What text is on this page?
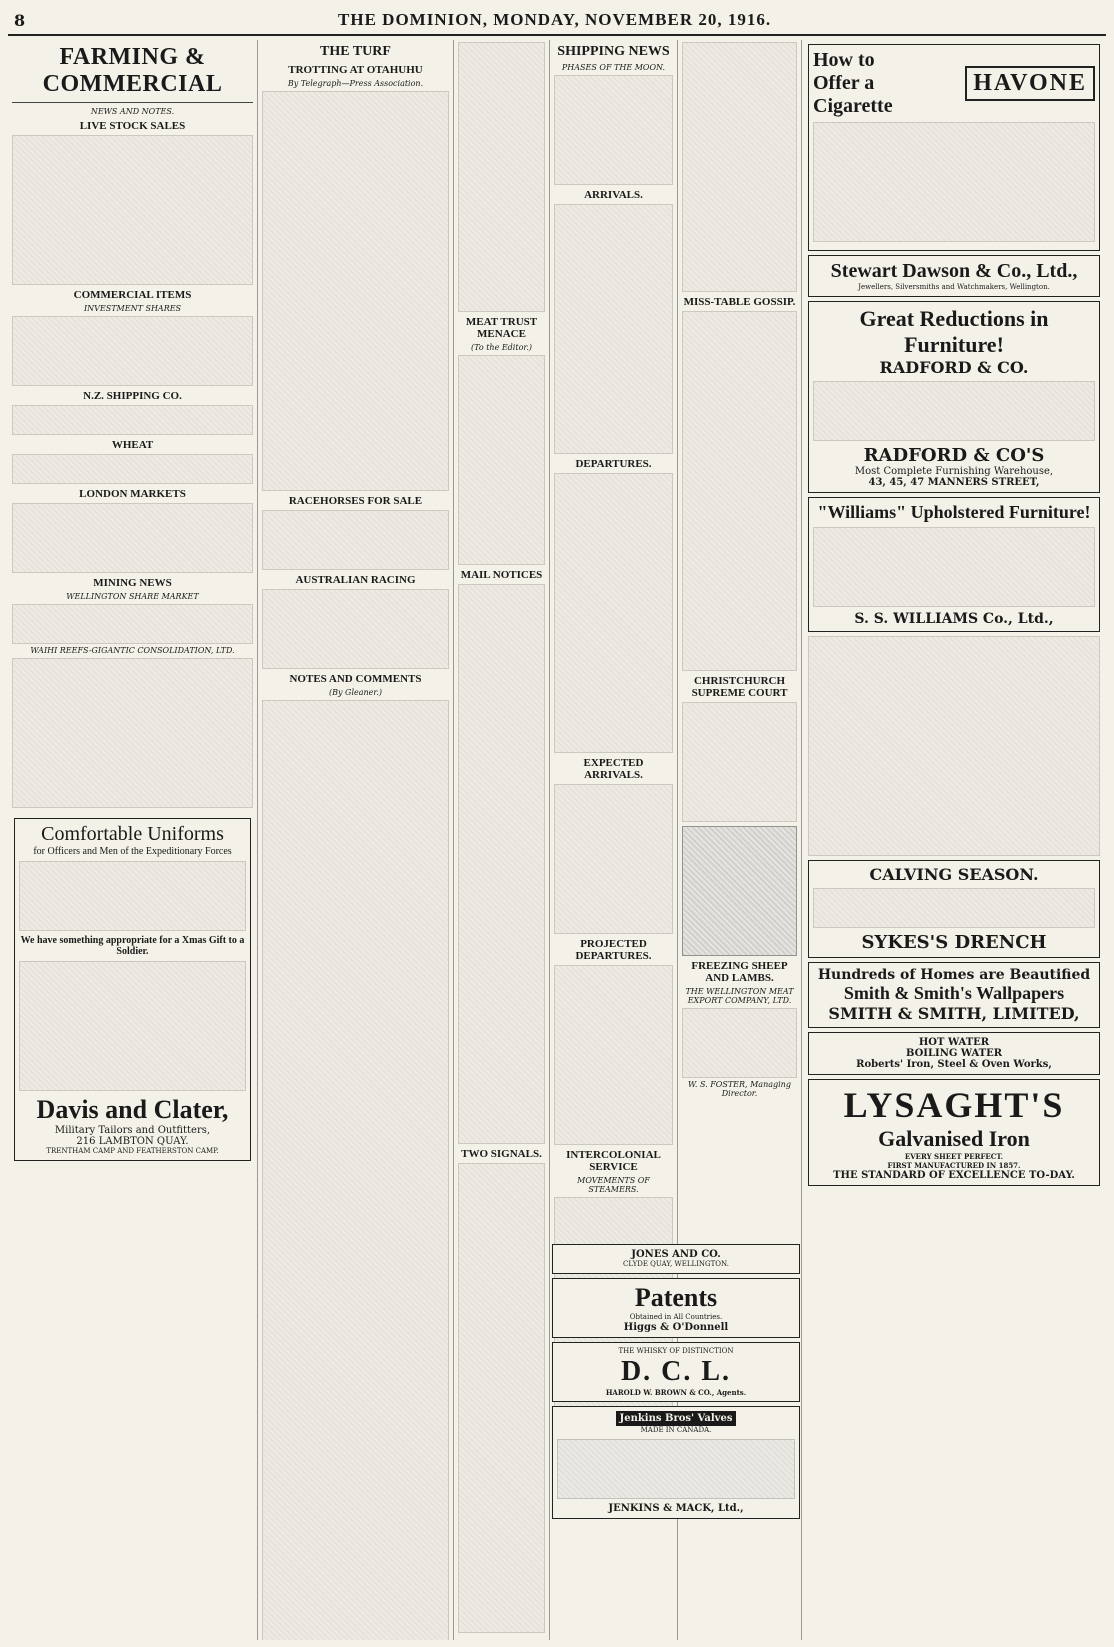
8	THE DOMINION, MONDAY, NOVEMBER 20, 1916.
FARMING & COMMERCIAL
NEWS AND NOTES.
LIVE STOCK SALES
COMMERCIAL ITEMS
INVESTMENT SHARES
N.Z. SHIPPING CO.
WHEAT
LONDON MARKETS
MINING NEWS
WELLINGTON SHARE MARKET
WAIHI REEFS-GIGANTIC CONSOLIDATION, LTD.
Comfortable Uniforms
for Officers and Men of the Expeditionary Forces
We have something appropriate for a Xmas Gift to a Soldier.
Davis and Clater,
Military Tailors and Outfitters,
216 LAMBTON QUAY.
TRENTHAM CAMP AND FEATHERSTON CAMP.
THE TURF
TROTTING AT OTAHUHU
By Telegraph—Press Association.
RACEHORSES FOR SALE
AUSTRALIAN RACING
NOTES AND COMMENTS
(By Gleaner.)
MEAT TRUST MENACE
(To the Editor.)
MAIL NOTICES
TWO SIGNALS.
SHIPPING NEWS
PHASES OF THE MOON.
ARRIVALS.
DEPARTURES.
EXPECTED ARRIVALS.
PROJECTED DEPARTURES.
INTERCOLONIAL SERVICE
MOVEMENTS OF STEAMERS.
MISS-TABLE GOSSIP.
CHRISTCHURCH SUPREME COURT
FREEZING SHEEP AND LAMBS.
THE WELLINGTON MEAT EXPORT COMPANY, LTD.
W. S. FOSTER, Managing Director.
JONES AND CO.
CLYDE QUAY, WELLINGTON.
Patents
Obtained in All Countries.
Higgs & O'Donnell
THE WHISKY OF DISTINCTION
D. C. L.
HAROLD W. BROWN & CO., Agents.
Jenkins Bros' Valves
MADE IN CANADA.
JENKINS & MACK, Ltd.,
How to
Offer a
Cigarette
HAVONE
Stewart Dawson & Co., Ltd.,
Jewellers, Silversmiths and Watchmakers, Wellington.
Great Reductions in Furniture!
RADFORD & CO.
RADFORD & CO'S
Most Complete Furnishing Warehouse,
43, 45, 47 MANNERS STREET,
"Williams" Upholstered Furniture!
S. S. WILLIAMS Co., Ltd.,
CALVING SEASON.
SYKES'S DRENCH
Hundreds of Homes are Beautified
Smith & Smith's Wallpapers
SMITH & SMITH, LIMITED,
HOT WATER
BOILING WATER
Roberts' Iron, Steel & Oven Works,
LYSAGHT'S
Galvanised Iron
EVERY SHEET PERFECT.
FIRST MANUFACTURED IN 1857.
THE STANDARD OF EXCELLENCE TO-DAY.
